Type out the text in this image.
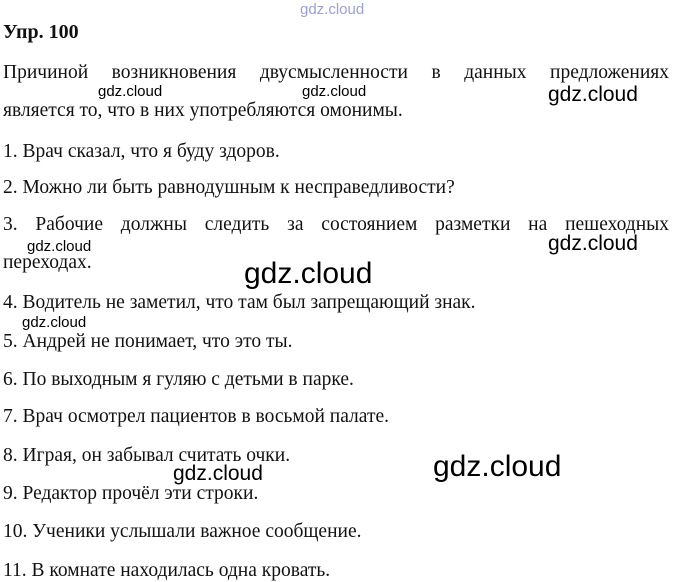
gdz.cloud
gdz.cloud	gdz.cloud	gdz.cloud
gdz.cloud	gdz.cloud
gdz.cloud
gdz.cloud
gdz.cloud	gdz.cloud
Упр. 100
Причиной возникновения двусмысленности в данных предложениях
является то, что в них употребляются омонимы.
1. Врач сказал, что я буду здоров.
2. Можно ли быть равнодушным к несправедливости?
3. Рабочие должны следить за состоянием разметки на пешеходных
переходах.
4. Водитель не заметил, что там был запрещающий знак.
5. Андрей не понимает, что это ты.
6. По выходным я гуляю с детьми в парке.
7. Врач осмотрел пациентов в восьмой палате.
8. Играя, он забывал считать очки.
9. Редактор прочёл эти строки.
10. Ученики услышали важное сообщение.
11. В комнате находилась одна кровать.
